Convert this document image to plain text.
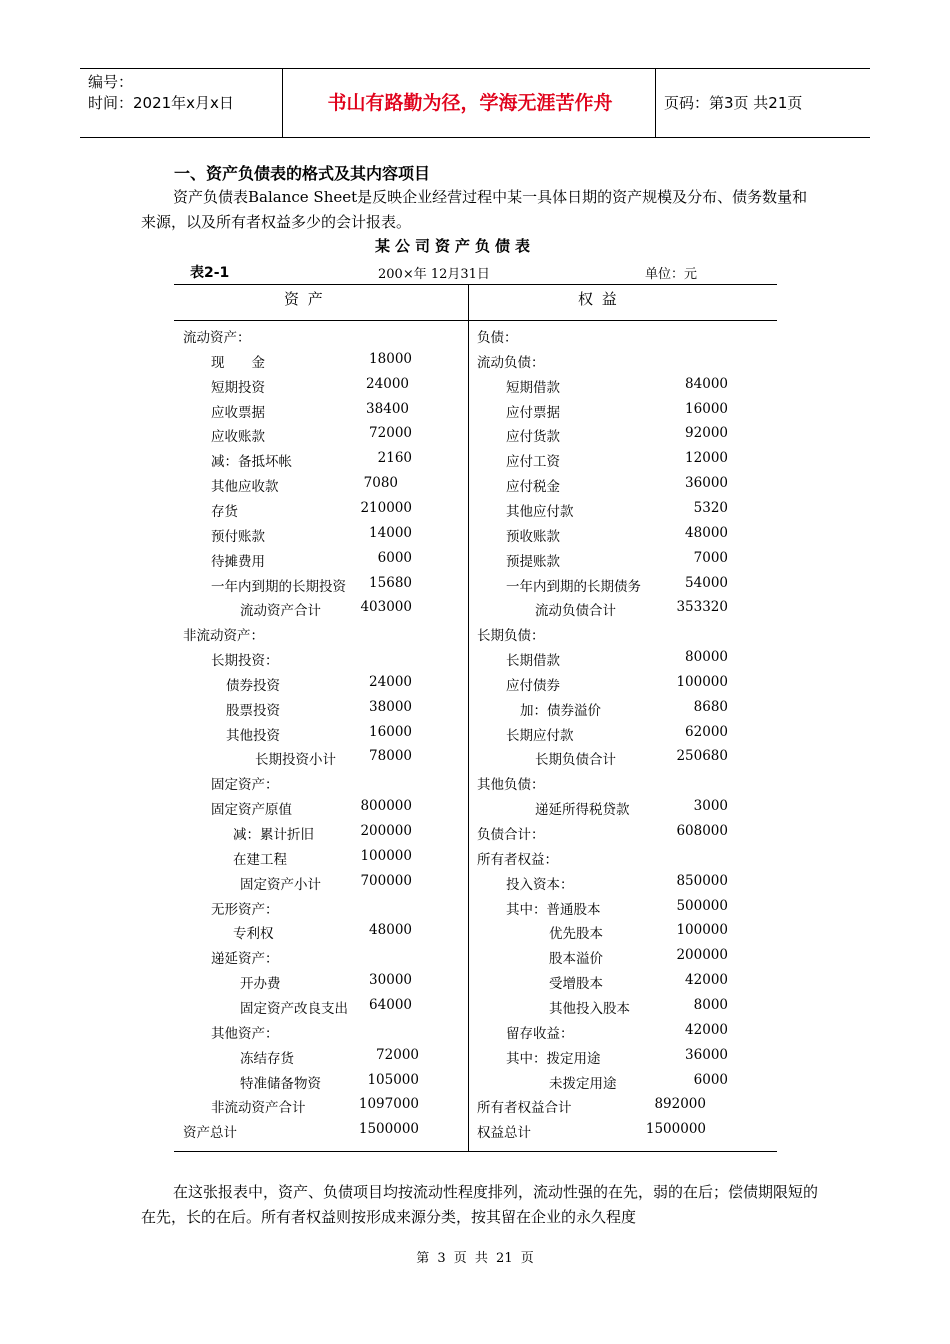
编号：
时间：2021年x月x日	书山有路勤为径，学海无涯苦作舟	页码：第3页 共21页
一、资产负债表的格式及其内容项目
资产负债表Balance Sheet是反映企业经营过程中某一具体日期的资产规模及分布、债务数量和来源，以及所有者权益多少的会计报表。
某公司资产负债表
表2-1	200×年 12月31日	单位：元
资 产	权 益
流动资产：
现　　金	18000
短期投资	24000
应收票据	38400
应收账款	72000
减：备抵坏帐	2160
其他应收款	7080
存货	210000
预付账款	14000
待摊费用	6000
一年内到期的长期投资	15680
流动资产合计	403000
非流动资产：
长期投资：
债券投资	24000
股票投资	38000
其他投资	16000
长期投资小计	78000
固定资产：
固定资产原值	800000
减：累计折旧	200000
在建工程	100000
固定资产小计	700000
无形资产：
专利权	48000
递延资产：
开办费	30000
固定资产改良支出	64000
其他资产：
冻结存货	72000
特准储备物资	105000
非流动资产合计	1097000
资产总计	1500000
负债：
流动负债：
短期借款	84000
应付票据	16000
应付货款	92000
应付工资	12000
应付税金	36000
其他应付款	5320
预收账款	48000
预提账款	7000
一年内到期的长期债务	54000
流动负债合计	353320
长期负债：
长期借款	80000
应付债券	100000
加：债券溢价	8680
长期应付款	62000
长期负债合计	250680
其他负债：
递延所得税贷款	3000
负债合计：	608000
所有者权益：
投入资本：	850000
其中：普通股本	500000
优先股本	100000
股本溢价	200000
受增股本	42000
其他投入股本	8000
留存收益：	42000
其中：拨定用途	36000
未拨定用途	6000
所有者权益合计	892000
权益总计	1500000
在这张报表中，资产、负债项目均按流动性程度排列，流动性强的在先，弱的在后；偿债期限短的在先，长的在后。所有者权益则按形成来源分类，按其留在企业的永久程度
第 3 页 共 21 页
